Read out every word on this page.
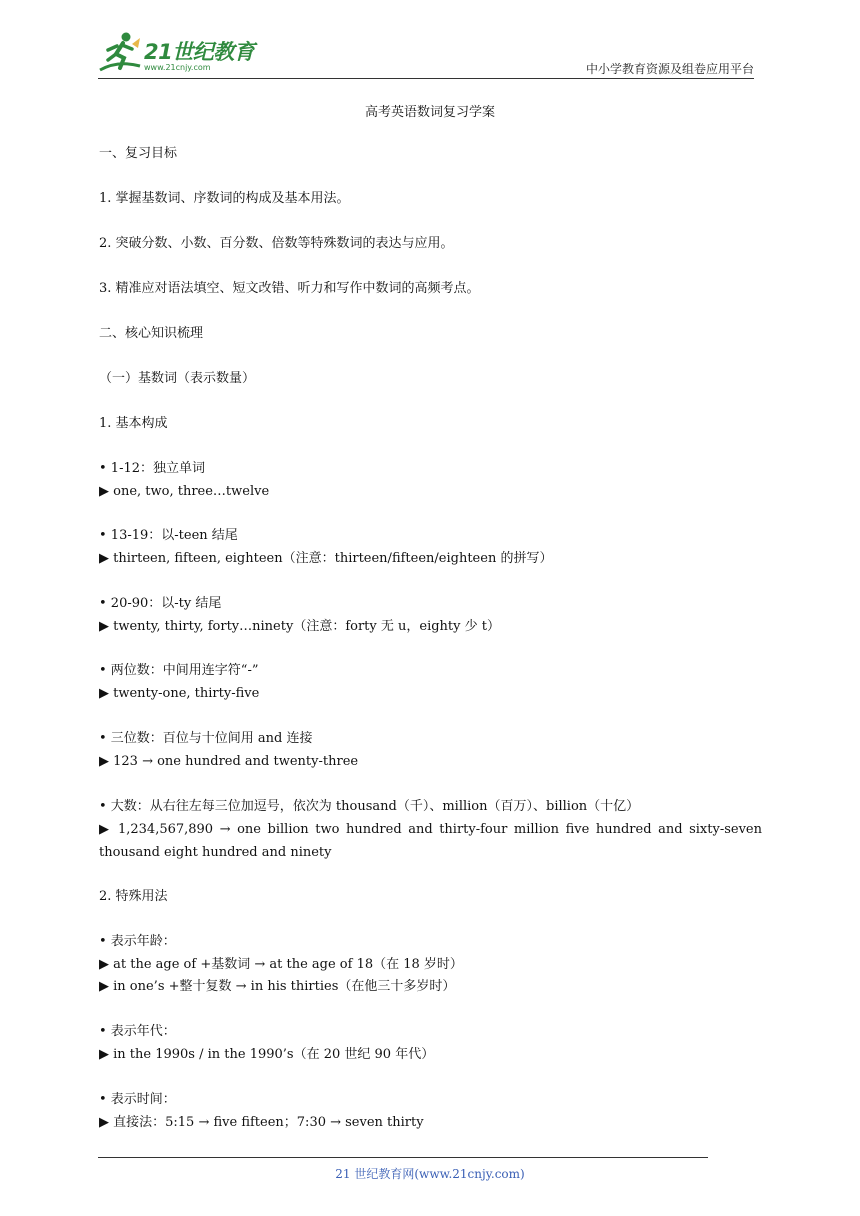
21世纪教育
www.21cnjy.com	中小学教育资源及组卷应用平台
高考英语数词复习学案
一、复习目标
1. 掌握基数词、序数词的构成及基本用法。
2. 突破分数、小数、百分数、倍数等特殊数词的表达与应用。
3. 精准应对语法填空、短文改错、听力和写作中数词的高频考点。
二、核心知识梳理
（一）基数词（表示数量）
1. 基本构成
• 1-12：独立单词
▶ one, two, three…twelve
• 13-19：以-teen 结尾
▶ thirteen, fifteen, eighteen（注意：thirteen/fifteen/eighteen 的拼写）
• 20-90：以-ty 结尾
▶ twenty, thirty, forty…ninety（注意：forty 无 u，eighty 少 t）
• 两位数：中间用连字符“-”
▶ twenty-one, thirty-five
• 三位数：百位与十位间用 and 连接
▶ 123 → one hundred and twenty-three
• 大数：从右往左每三位加逗号，依次为 thousand（千）、million（百万）、billion（十亿）
▶ 1,234,567,890 → one billion two hundred and thirty-four million five hundred and sixty-seven
thousand eight hundred and ninety
2. 特殊用法
• 表示年龄：
▶ at the age of +基数词 → at the age of 18（在 18 岁时）
▶ in one’s +整十复数 → in his thirties（在他三十多岁时）
• 表示年代：
▶ in the 1990s / in the 1990’s（在 20 世纪 90 年代）
• 表示时间：
▶ 直接法：5:15 → five fifteen；7:30 → seven thirty
21 世纪教育网(www.21cnjy.com)
